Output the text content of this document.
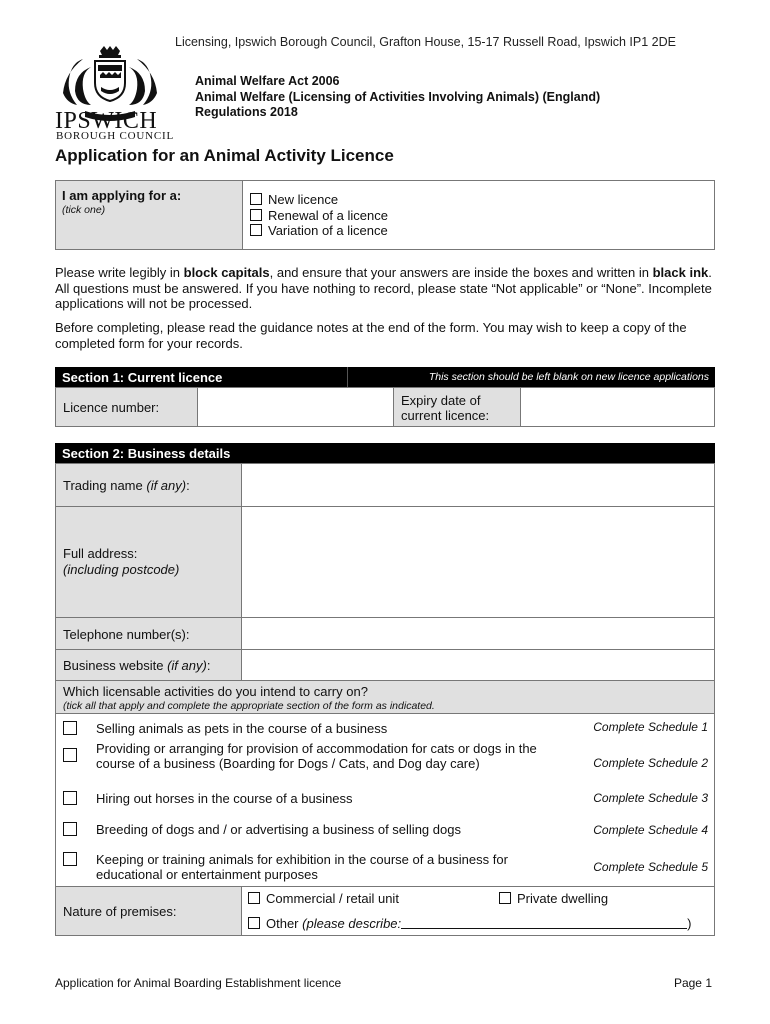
IPSWICH
BOROUGH COUNCIL
Licensing, Ipswich Borough Council, Grafton House, 15-17 Russell Road, Ipswich IP1 2DE
Animal Welfare Act 2006
Animal Welfare (Licensing of Activities Involving Animals) (England)
Regulations 2018
Application for an Animal Activity Licence
I am applying for a:
(tick one)
New licence
Renewal of a licence
Variation of a licence
Please write legibly in block capitals, and ensure that your answers are inside the boxes and written in black ink. All questions must be answered. If you have nothing to record, please state “Not applicable” or “None”. Incomplete applications will not be processed.
Before completing, please read the guidance notes at the end of the form. You may wish to keep a copy of the completed form for your records.
Section 1: Current licence	This section should be left blank on new licence applications
Licence number:	Expiry date of
current licence:
Section 2: Business details
Trading name (if any):
Full address:
(including postcode)
Telephone number(s):
Business website (if any):
Which licensable activities do you intend to carry on?
(tick all that apply and complete the appropriate section of the form as indicated.
Selling animals as pets in the course of a business	Complete Schedule 1
Providing or arranging for provision of accommodation for cats or dogs in the course of a business (Boarding for Dogs / Cats, and Dog day care)	Complete Schedule 2
Hiring out horses in the course of a business	Complete Schedule 3
Breeding of dogs and / or advertising a business of selling dogs	Complete Schedule 4
Keeping or training animals for exhibition in the course of a business for educational or entertainment purposes	Complete Schedule 5
Nature of premises:
Commercial / retail unit	Private dwelling
Other (please describe:	)
Application for Animal Boarding Establishment licence	Page 1
